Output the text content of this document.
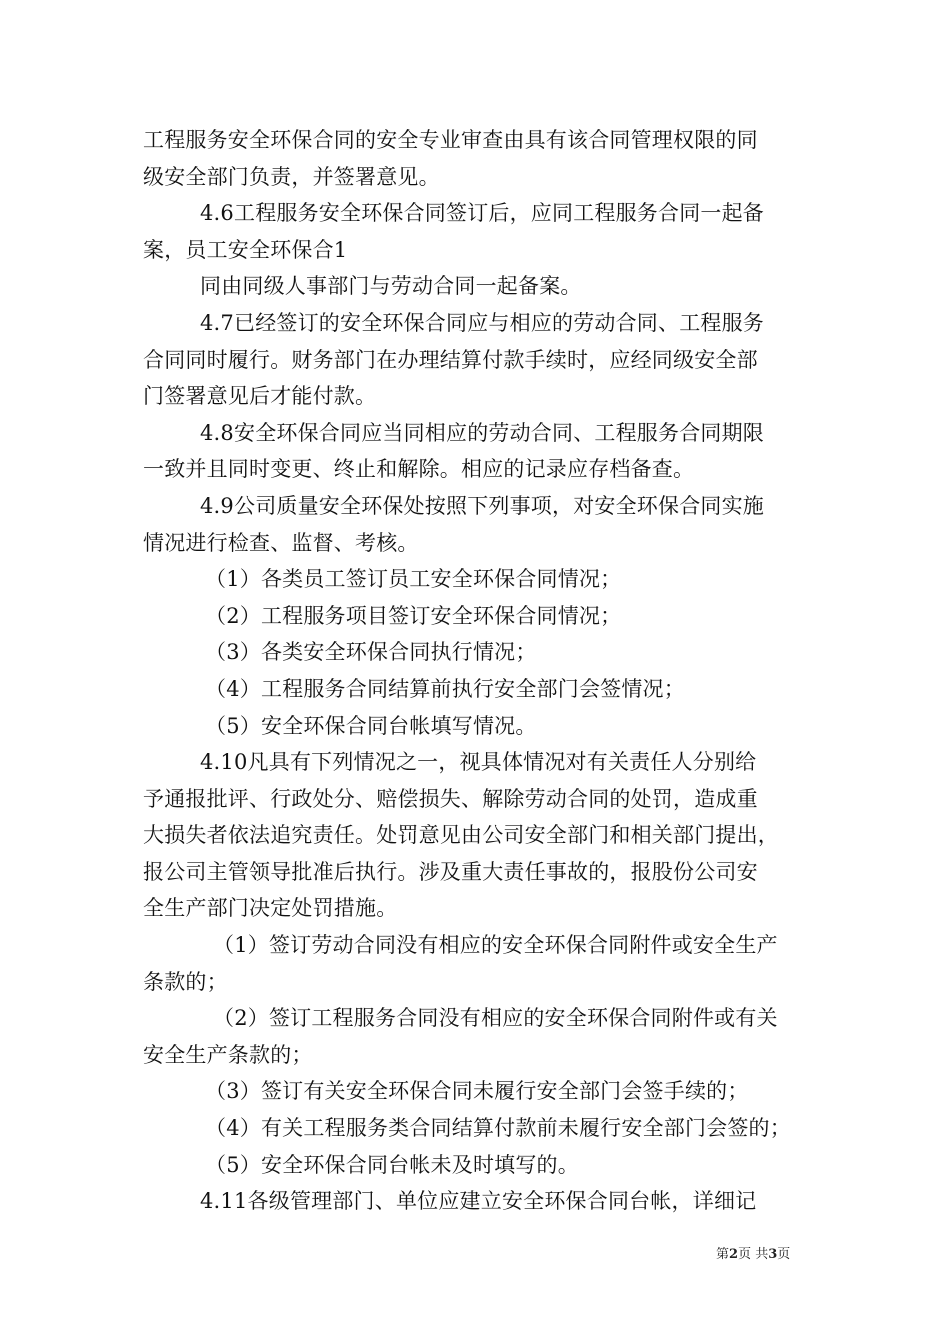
工程服务安全环保合同的安全专业审查由具有该合同管理权限的同
级安全部门负责，并签署意见。
4.6工程服务安全环保合同签订后，应同工程服务合同一起备
案，员工安全环保合1
同由同级人事部门与劳动合同一起备案。
4.7已经签订的安全环保合同应与相应的劳动合同、工程服务
合同同时履行。财务部门在办理结算付款手续时，应经同级安全部
门签署意见后才能付款。
4.8安全环保合同应当同相应的劳动合同、工程服务合同期限
一致并且同时变更、终止和解除。相应的记录应存档备查。
4.9公司质量安全环保处按照下列事项，对安全环保合同实施
情况进行检查、监督、考核。
（1）各类员工签订员工安全环保合同情况；
（2）工程服务项目签订安全环保合同情况；
（3）各类安全环保合同执行情况；
（4）工程服务合同结算前执行安全部门会签情况；
（5）安全环保合同台帐填写情况。
4.10凡具有下列情况之一，视具体情况对有关责任人分别给
予通报批评、行政处分、赔偿损失、解除劳动合同的处罚，造成重
大损失者依法追究责任。处罚意见由公司安全部门和相关部门提出，
报公司主管领导批准后执行。涉及重大责任事故的，报股份公司安
全生产部门决定处罚措施。
（1）签订劳动合同没有相应的安全环保合同附件或安全生产
条款的；
（2）签订工程服务合同没有相应的安全环保合同附件或有关
安全生产条款的；
（3）签订有关安全环保合同未履行安全部门会签手续的；
（4）有关工程服务类合同结算付款前未履行安全部门会签的；
（5）安全环保合同台帐未及时填写的。
4.11各级管理部门、单位应建立安全环保合同台帐，详细记
第2页 共3页
